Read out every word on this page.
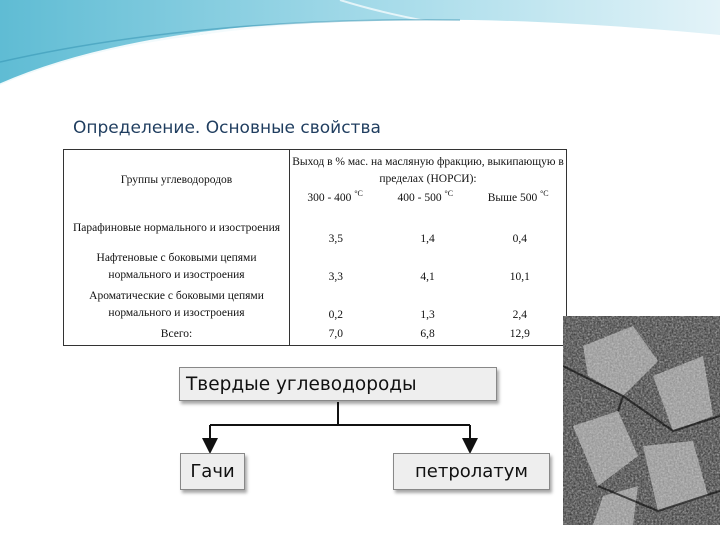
Определение. Основные свойства
Группы углеводородов	Выход в % мас. на масляную фракцию, выкипающую в пределах (НОРСИ):
300 - 400 $^{^\circ C}$ 400 - 500 $^{^\circ C}$ Выше 500 $^{^\circ C}$

Парафиновые нормального и изостроения	3,5	1,4	0,4
Нафтеновые с боковыми цепями нормального и изостроения	3,3	4,1	10,1
Ароматические с боковыми цепями нормального и изостроения	0,2	1,3	2,4
Всего:	7,0	6,8	12,9
Твердые углеводороды
Гачи	петролатум
